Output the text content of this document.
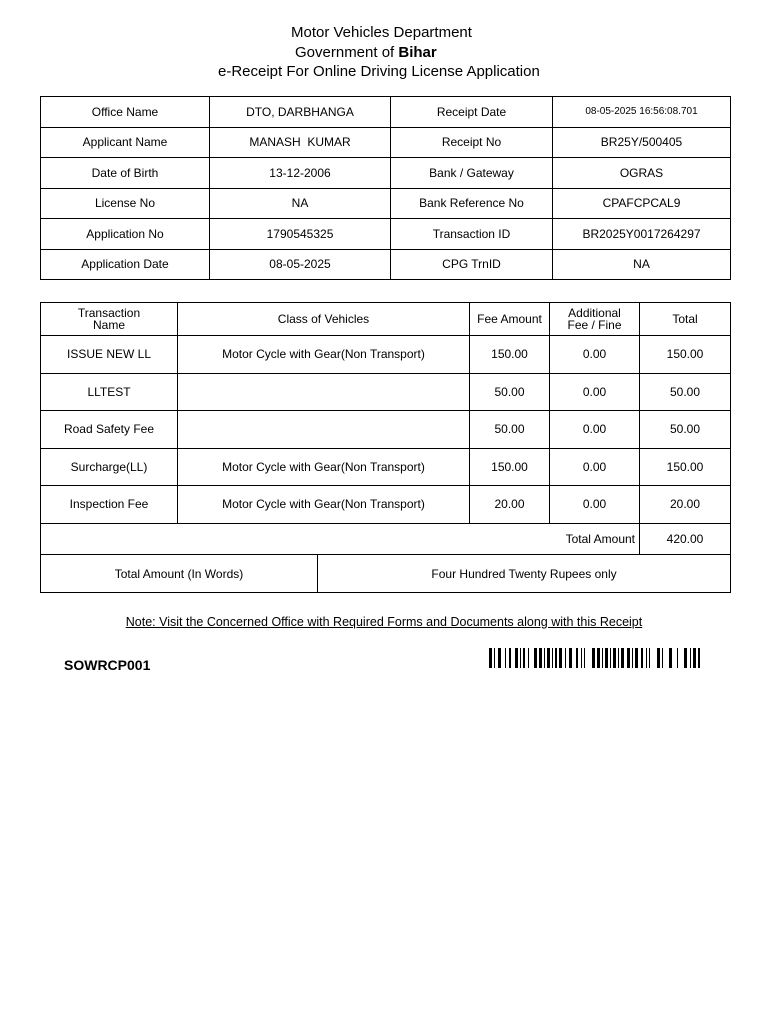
Motor Vehicles Department
Government of Bihar
e-Receipt For Online Driving License Application
Office Name	DTO, DARBHANGA	Receipt Date	08-05-2025 16:56:08.701
Applicant Name	MANASH  KUMAR	Receipt No	BR25Y/500405
Date of Birth	13-12-2006	Bank / Gateway	OGRAS
License No	NA	Bank Reference No	CPAFCPCAL9
Application No	1790545325	Transaction ID	BR2025Y0017264297
Application Date	08-05-2025	CPG TrnID	NA
Transaction Name	Class of Vehicles	Fee Amount	Additional Fee / Fine	Total
ISSUE NEW LL	Motor Cycle with Gear(Non Transport)	150.00	0.00	150.00
LLTEST		50.00	0.00	50.00
Road Safety Fee		50.00	0.00	50.00
Surcharge(LL)	Motor Cycle with Gear(Non Transport)	150.00	0.00	150.00
Inspection Fee	Motor Cycle with Gear(Non Transport)	20.00	0.00	20.00
Total Amount				420.00
Total Amount (In Words)	Four Hundred Twenty Rupees only
Note: Visit the Concerned Office with Required Forms and Documents along with this Receipt
SOWRCP001
